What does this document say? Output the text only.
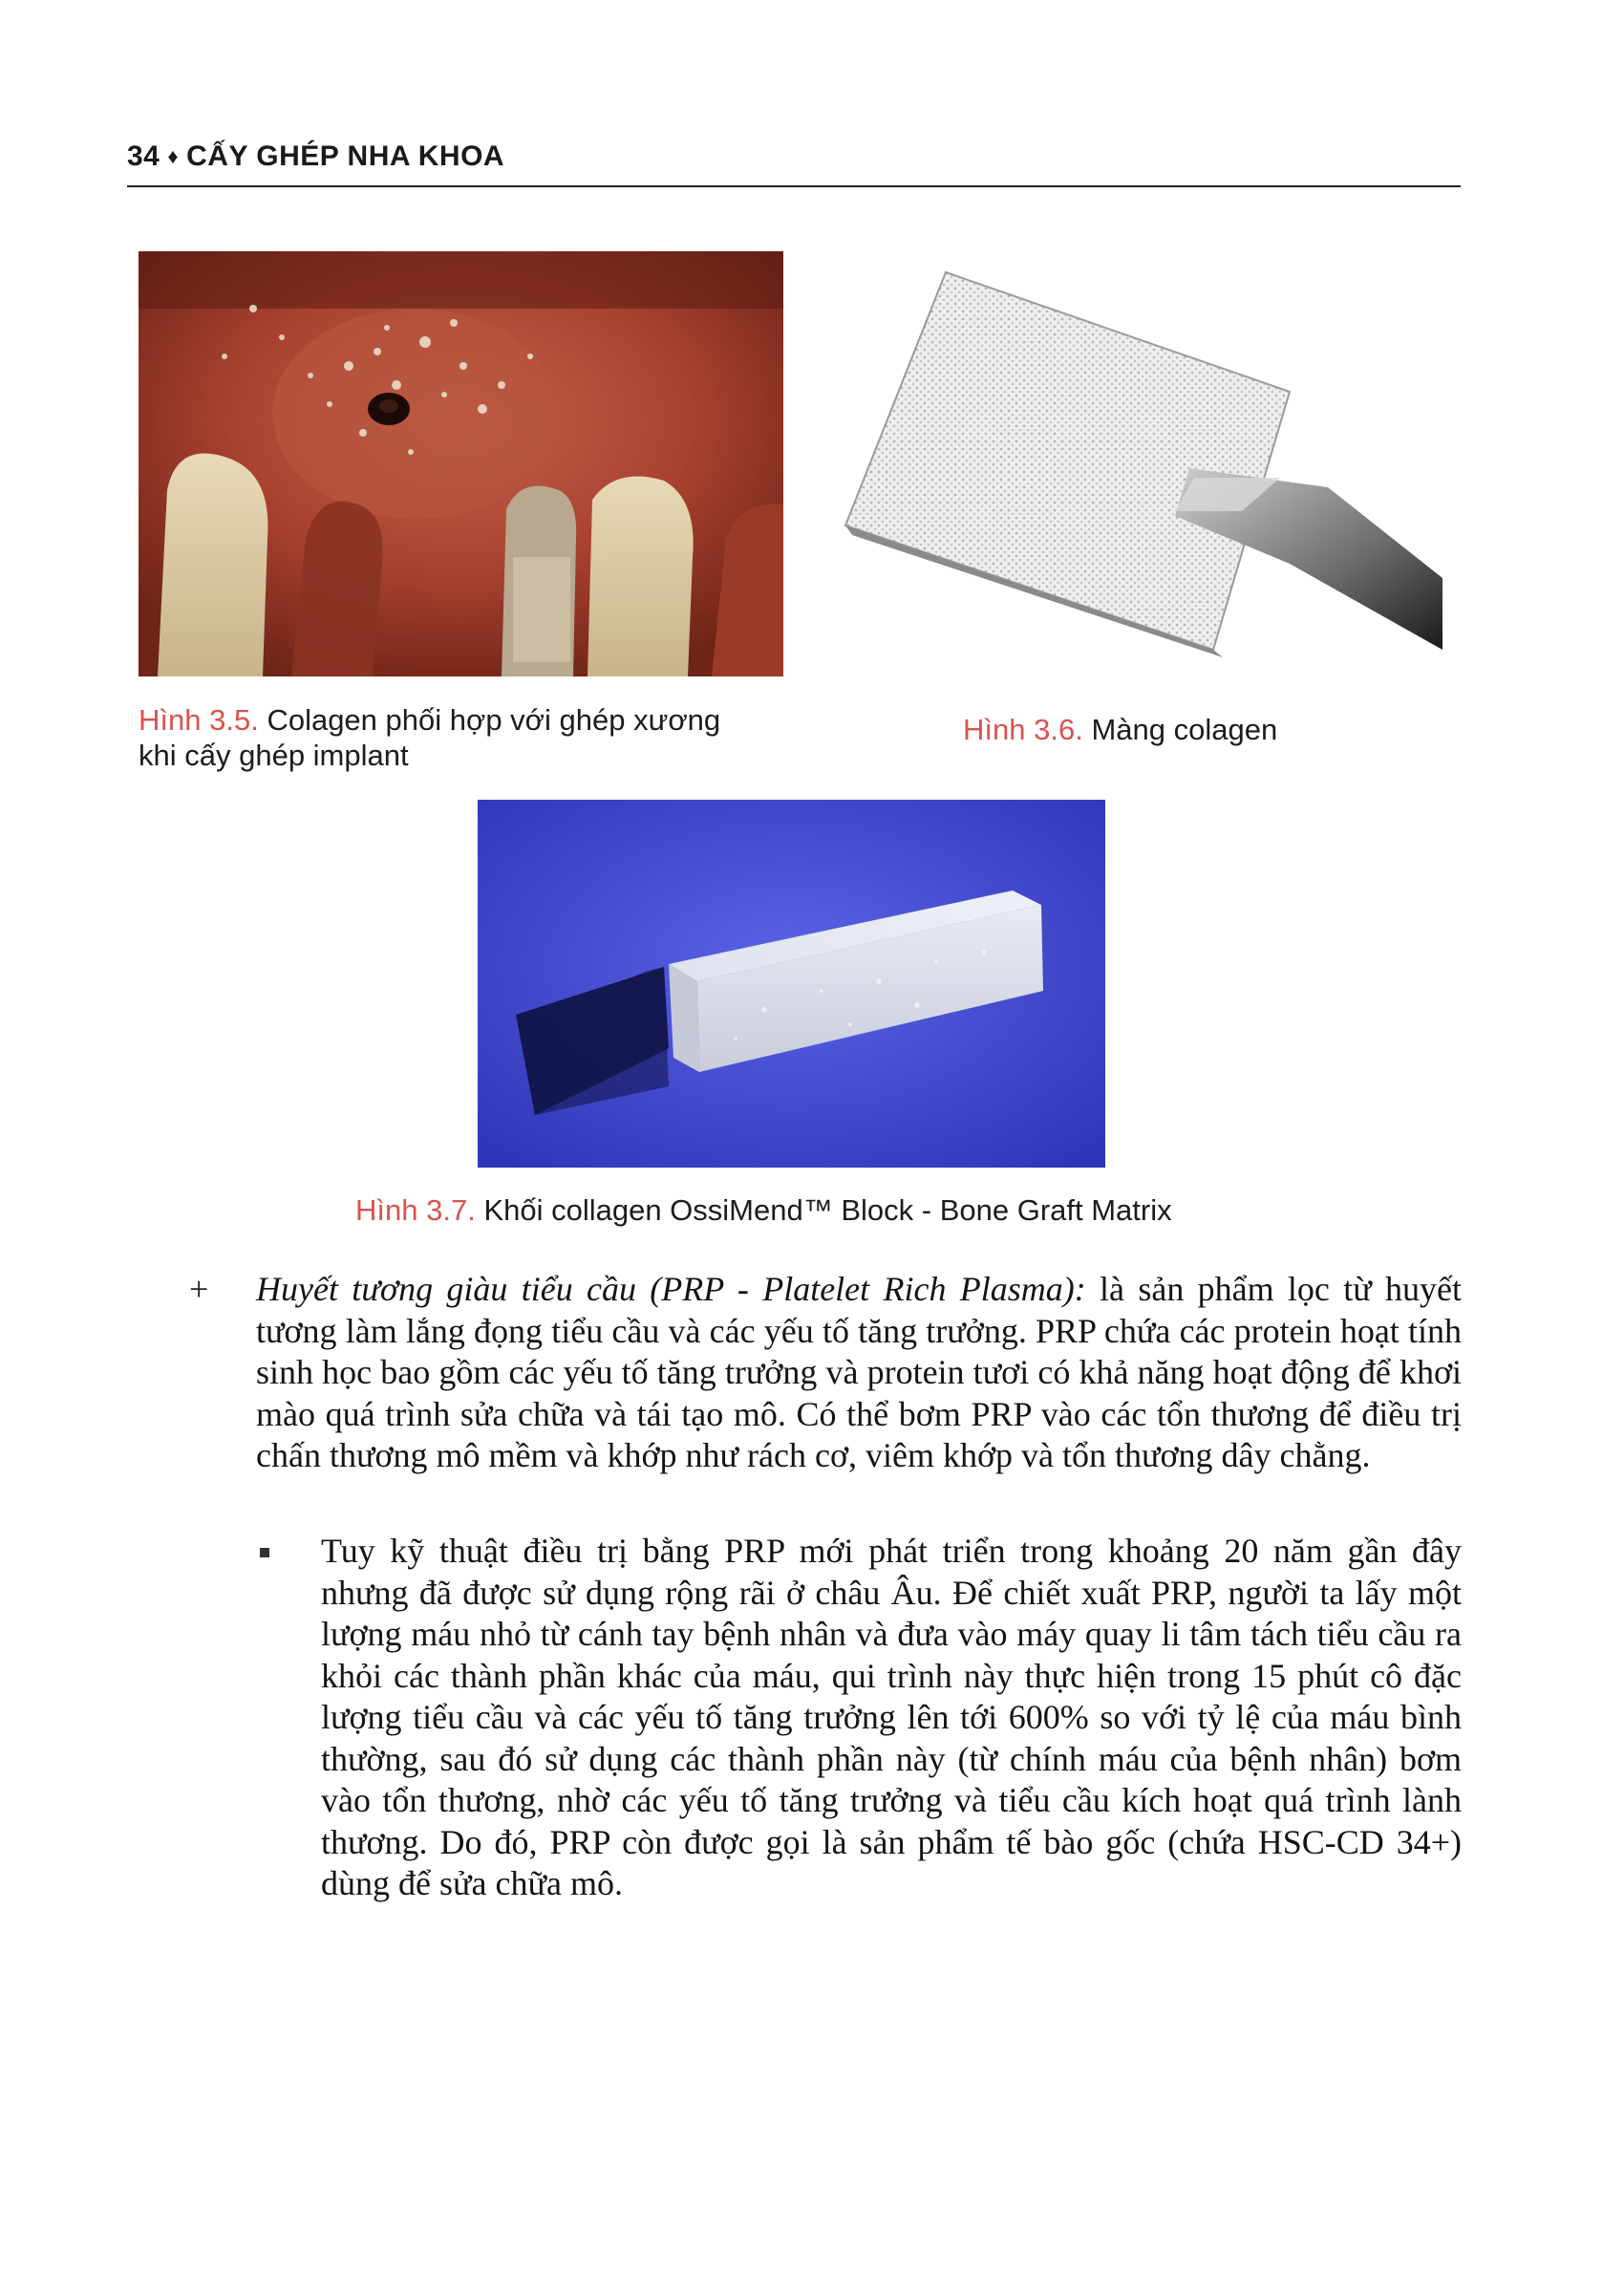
34 ♦ CẤY GHÉP NHA KHOA
Hình 3.5. Colagen phối hợp với ghép xương
khi cấy ghép implant
Hình 3.6. Màng colagen
Hình 3.7. Khối collagen OssiMend™ Block - Bone Graft Matrix
+ Huyết tương giàu tiểu cầu (PRP - Platelet Rich Plasma): là sản phẩm lọc từ huyết tương làm lắng đọng tiểu cầu và các yếu tố tăng trưởng. PRP chứa các protein hoạt tính sinh học bao gồm các yếu tố tăng trưởng và protein tươi có khả năng hoạt động để khơi mào quá trình sửa chữa và tái tạo mô. Có thể bơm PRP vào các tổn thương để điều trị chấn thương mô mềm và khớp như rách cơ, viêm khớp và tổn thương dây chằng.
Tuy kỹ thuật điều trị bằng PRP mới phát triển trong khoảng 20 năm gần đây nhưng đã được sử dụng rộng rãi ở châu Âu. Để chiết xuất PRP, người ta lấy một lượng máu nhỏ từ cánh tay bệnh nhân và đưa vào máy quay li tâm tách tiểu cầu ra khỏi các thành phần khác của máu, qui trình này thực hiện trong 15 phút cô đặc lượng tiểu cầu và các yếu tố tăng trưởng lên tới 600% so với tỷ lệ của máu bình thường, sau đó sử dụng các thành phần này (từ chính máu của bệnh nhân) bơm vào tổn thương, nhờ các yếu tố tăng trưởng và tiểu cầu kích hoạt quá trình lành thương. Do đó, PRP còn được gọi là sản phẩm tế bào gốc (chứa HSC-CD 34+) dùng để sửa chữa mô.
